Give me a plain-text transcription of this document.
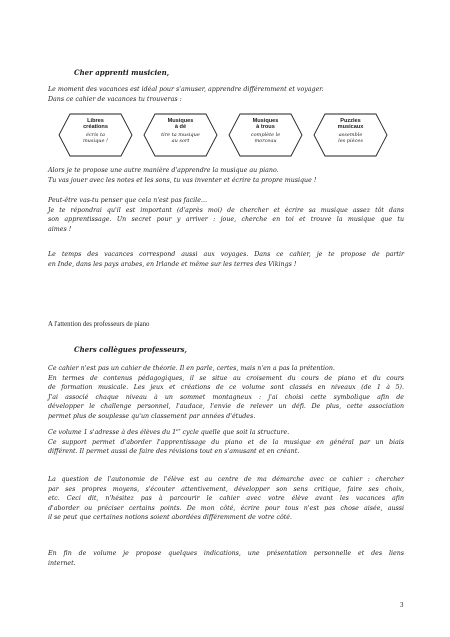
Cher apprenti musicien,
Le moment des vacances est idéal pour s'amuser, apprendre différemment et voyager.
Dans ce cahier de vacances tu trouveras :
Libres
créations
écris ta
musique !
Musiques
à dé
tire ta musique
au sort
Musiques
à trous
complète le
morceau
Puzzles
musicaux
assemble
les pièces
Alors je te propose une autre manière d'apprendre la musique au piano.
Tu vas jouer avec les notes et les sons, tu vas inventer et écrire ta propre musique !
Peut-être vas-tu penser que cela n'est pas facile…
Je te répondrai qu'il est important (d'après moi) de chercher et écrire sa musique assez tôt dans
son apprentissage. Un secret pour y arriver : joue, cherche en toi et trouve la musique que tu
aimes !
Le temps des vacances correspond aussi aux voyages. Dans ce cahier, je te propose de partir
en Inde, dans les pays arabes, en Irlande et même sur les terres des Vikings !
A l'attention des professeurs de piano
Chers collègues professeurs,
Ce cahier n'est pas un cahier de théorie. Il en parle, certes, mais n'en a pas la prétention.
En termes de contenus pédagogiques, il se situe au croisement du cours de piano et du cours
de formation musicale. Les jeux et créations de ce volume sont classés en niveaux (de 1 à 5).
J'ai associé chaque niveau à un sommet montagneux : j'ai choisi cette symbolique afin de
développer le challenge personnel, l'audace, l'envie de relever un défi. De plus, cette association
permet plus de souplesse qu'un classement par années d'études.
Ce volume 1 s'adresse à des élèves du 1er cycle quelle que soit la structure.
Ce support permet d'aborder l'apprentissage du piano et de la musique en général par un biais
différent. Il permet aussi de faire des révisions tout en s'amusant et en créant.
La question de l'autonomie de l'élève est au centre de ma démarche avec ce cahier : chercher
par ses propres moyens, s'écouter attentivement, développer son sens critique, faire ses choix,
etc. Ceci dit, n'hésitez pas à parcourir le cahier avec votre élève avant les vacances afin
d'aborder ou préciser certains points. De mon côté, écrire pour tous n'est pas chose aisée, aussi
il se peut que certaines notions soient abordées différemment de votre côté.
En fin de volume je propose quelques indications, une présentation personnelle et des liens
internet.
3
